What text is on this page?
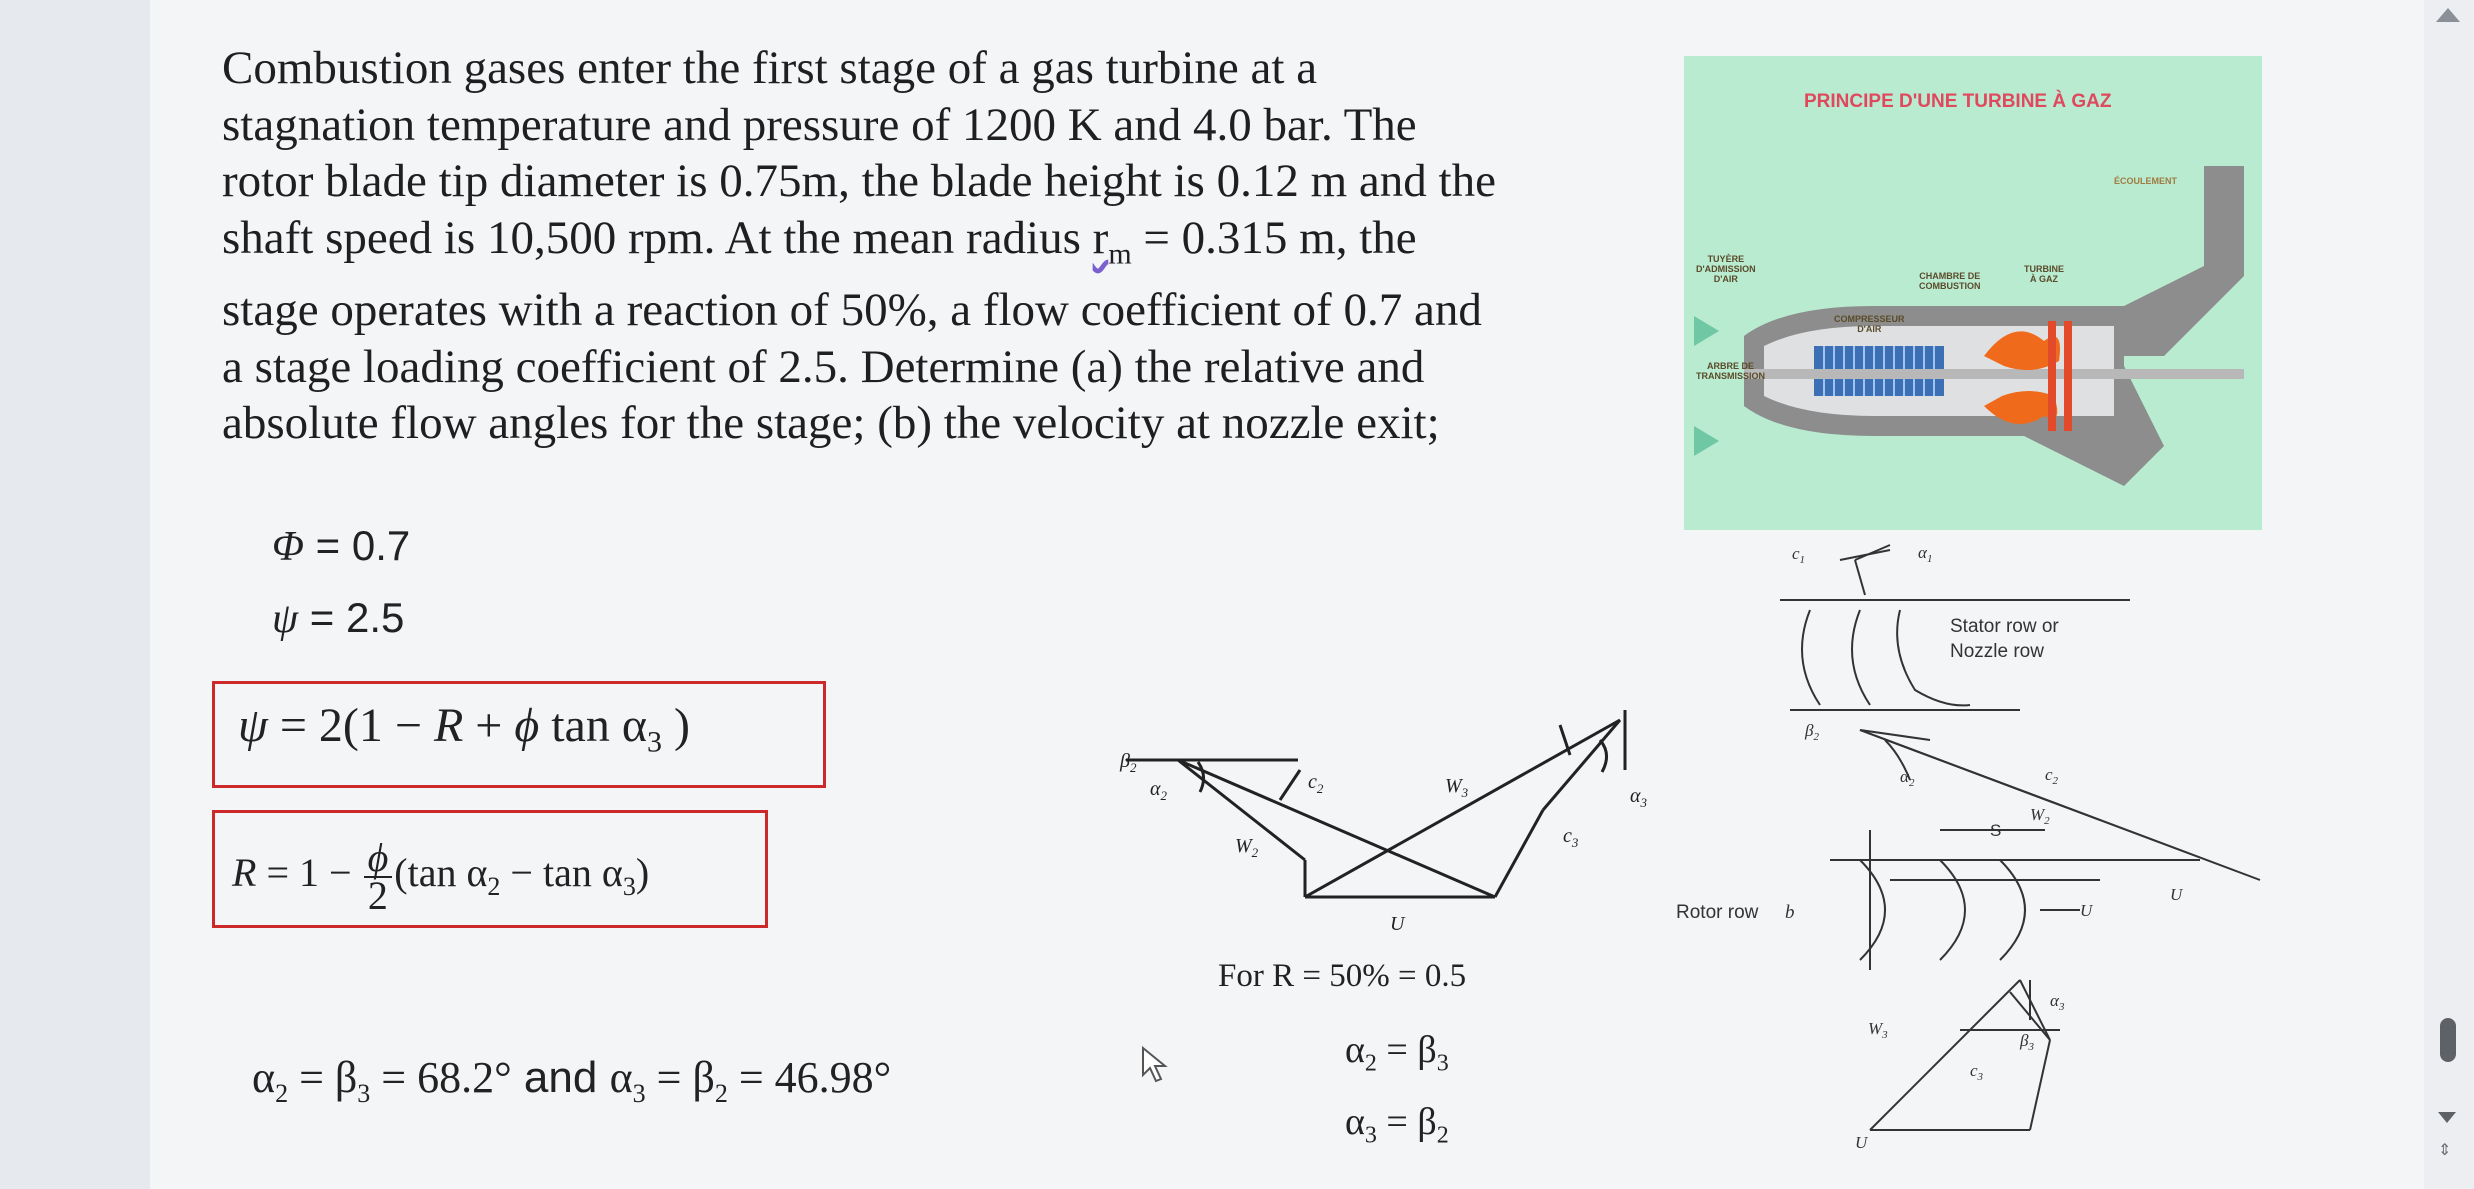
Combustion gases enter the first stage of a gas turbine at a
stagnation temperature and pressure of 1200 K and 4.0 bar. The
rotor blade tip diameter is 0.75m, the blade height is 0.12 m and the
shaft speed is 10,500 rpm. At the mean radius $r_m = 0.315$ m, the
stage operates with a reaction of 50%, a flow coefficient of 0.7 and
a stage loading coefficient of 2.5. Determine (a) the relative and
absolute flow angles for the stage; (b) the velocity at nozzle exit;
Φ = 0.7
ψ = 2.5
ψ = 2(1 − R + ϕ $\tan \alpha_3$ )
$R = 1 - \frac{\phi}{2} (\tan$ $\alpha_2 - \tan \alpha_3$)
$\alpha_2 = \beta_3 = 68.2^\circ$ and $\alpha_3 = \beta_2 = 46.98^\circ$
For R = 50% = 0.5
$\alpha_2 = \beta_3$
$\alpha_3 = \beta_2$
$\beta_2$
$\alpha_2$
$c_2$
$W_2$
$W_3$
$c_3$
$\alpha_3$
U
PRINCIPE D'UNE TURBINE À GAZ
TUYÈRE
D'ADMISSION
D'AIR
ARBRE DE
TRANSMISSION
COMPRESSEUR
D'AIR
CHAMBRE DE
COMBUSTION
TURBINE
À GAZ
ÉCOULEMENT
$c_1$	$\alpha_1$
Stator row or Nozzle row
$\beta_2$
$\alpha_2$	$c_2$
S
$W_2$
U
U
Rotor row b
$\alpha_3$
$\beta_3$
$W_3$
$c_3$
U	⇕
